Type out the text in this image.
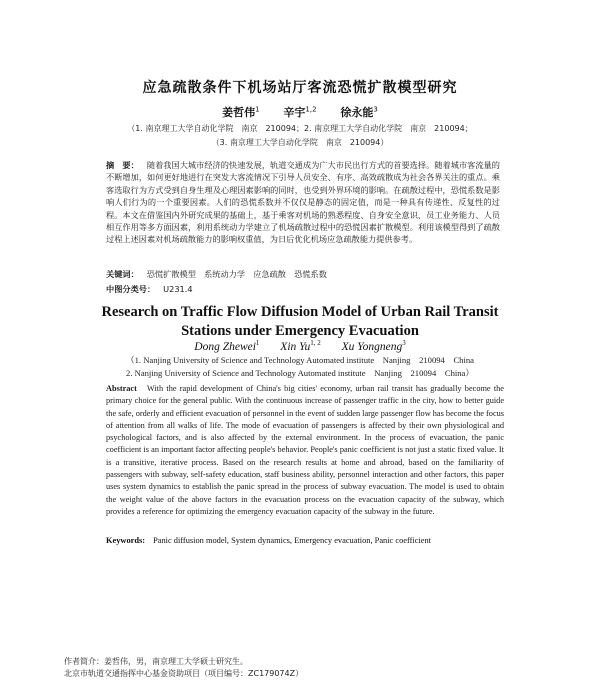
应急疏散条件下机场站厅客流恐慌扩散模型研究
姜哲伟$^1$ 辛宇$^{1,2}$ 徐永能$^3$
（1. 南京理工大学自动化学院　南京　210094；2. 南京理工大学自动化学院　南京　210094；
（3. 南京理工大学自动化学院　南京　210094）
摘　要： 随着我国大城市经济的快速发展，轨道交通成为广大市民出行方式的首要选择。随着城市客流量的不断增加，如何更好地进行在突发大客流情况下引导人员安全、有序、高效疏散成为社会各界关注的重点。乘客选取行为方式受到自身生理及心理因素影响的同时，也受到外界环境的影响。在疏散过程中，恐慌系数是影响人们行为的一个重要因素。人们的恐慌系数并不仅仅是静态的固定值，而是一种具有传递性、反复性的过程。本文在借鉴国内外研究成果的基础上，基于乘客对机场的熟悉程度、自身安全意识、员工业务能力、人员相互作用等多方面因素，利用系统动力学建立了机场疏散过程中的恐慌因素扩散模型。利用该模型得到了疏散过程上述因素对机场疏散能力的影响权重值，为日后优化机场应急疏散能力提供参考。
关键词： 恐慌扩散模型　系统动力学　应急疏散　恐慌系数
中图分类号： U231.4
Research on Traffic Flow Diffusion Model of Urban Rail Transit
Stations under Emergency Evacuation
Dong Zhewei$^1$ Xin Yu$^{1, 2}$ Xu Yongneng$^3$
（1. Nanjing University of Science and Technology Automated institute　Nanjing　210094　China
2. Nanjing University of Science and Technology Automated institute　Nanjing　210094　China）
Abstract With the rapid development of China's big cities' economy, urban rail transit has gradually become the primary choice for the general public. With the continuous increase of passenger traffic in the city, how to better guide the safe, orderly and efficient evacuation of personnel in the event of sudden large passenger flow has become the focus of attention from all walks of life. The mode of evacuation of passengers is affected by their own physiological and psychological factors, and is also affected by the external environment. In the process of evacuation, the panic coefficient is an important factor affecting people's behavior. People's panic coefficient is not just a static fixed value. It is a transitive, iterative process. Based on the research results at home and abroad, based on the familiarity of passengers with subway, self-safety education, staff business ability, personnel interaction and other factors, this paper uses system dynamics to establish the panic spread in the process of subway evacuation. The model is used to obtain the weight value of the above factors in the evacuation process on the evacuation capacity of the subway, which provides a reference for optimizing the emergency evacuation capacity of the subway in the future.
Keywords: Panic diffusion model, System dynamics, Emergency evacuation, Panic coefficient
作者简介：姜哲伟，男，南京理工大学硕士研究生。
北京市轨道交通指挥中心基金资助项目（项目编号：ZC179074Z）
